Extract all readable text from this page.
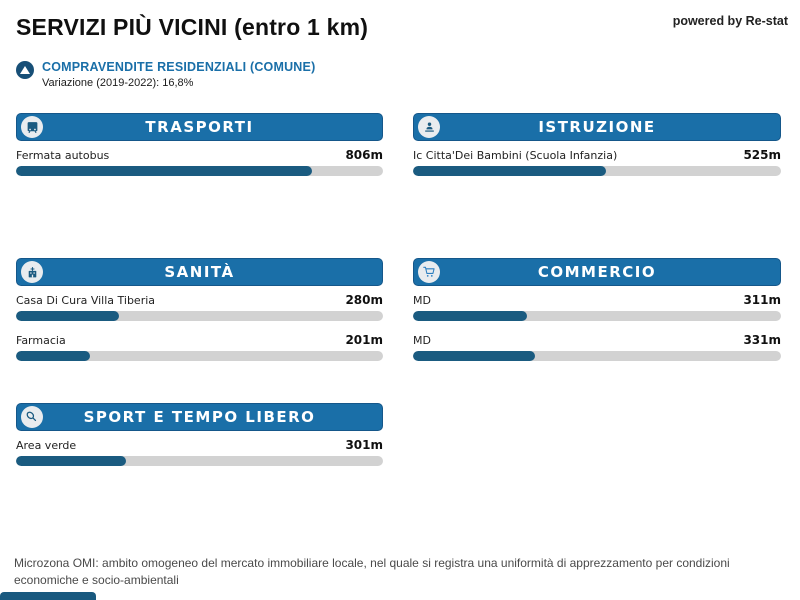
SERVIZI PIÙ VICINI (entro 1 km)	powered by Re-stat
COMPRAVENDITE RESIDENZIALI (COMUNE)
Variazione (2019-2022): 16,8%
TRASPORTI
Fermata autobus	806m
ISTRUZIONE
Ic Citta'Dei Bambini (Scuola Infanzia)	525m
SANITÀ
Casa Di Cura Villa Tiberia	280m
Farmacia	201m
COMMERCIO
MD	311m
MD	331m
SPORT E TEMPO LIBERO
Area verde	301m
Microzona OMI: ambito omogeneo del mercato immobiliare locale, nel quale si registra una uniformità di apprezzamento per condizioni economiche e socio-ambientali
